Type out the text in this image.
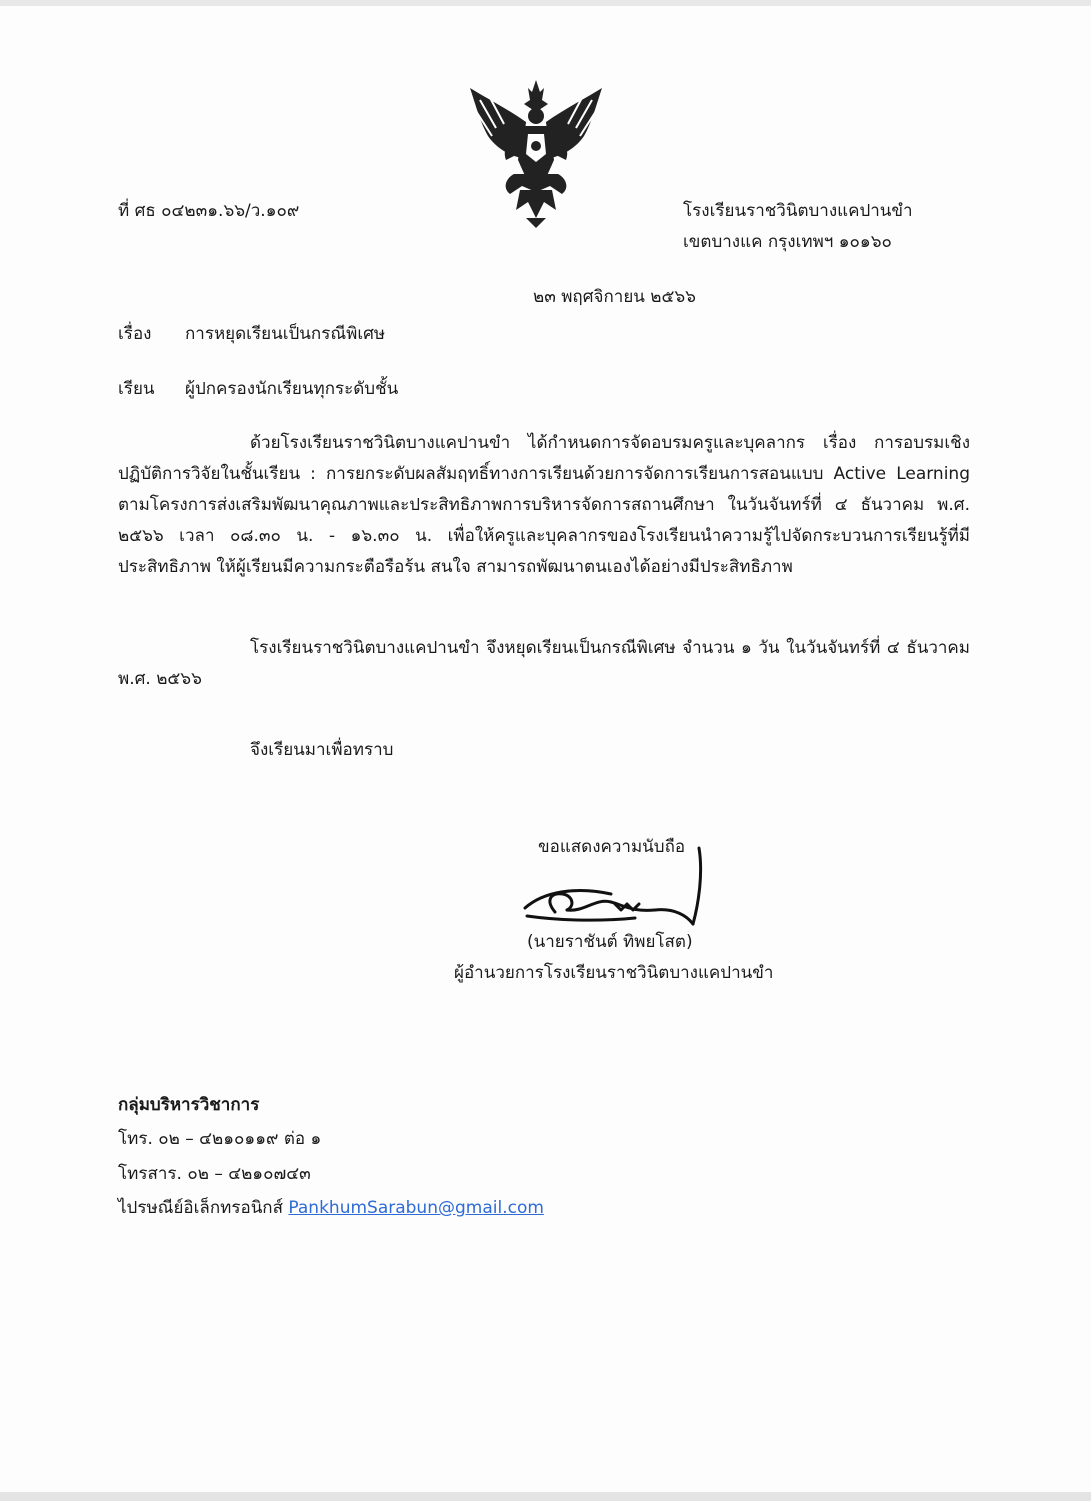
ที่ ศธ ๐๔๒๓๑.๖๖/ว.๑๐๙	โรงเรียนราชวินิตบางแคปานขำ
เขตบางแค กรุงเทพฯ ๑๐๑๖๐
๒๓ พฤศจิกายน ๒๕๖๖
เรื่อง การหยุดเรียนเป็นกรณีพิเศษ
เรียน ผู้ปกครองนักเรียนทุกระดับชั้น
ด้วยโรงเรียนราชวินิตบางแคปานขำ ได้กำหนดการจัดอบรมครูและบุคลากร เรื่อง การอบรมเชิงปฏิบัติการวิจัยในชั้นเรียน : การยกระดับผลสัมฤทธิ์ทางการเรียนด้วยการจัดการเรียนการสอนแบบ Active Learning ตามโครงการส่งเสริมพัฒนาคุณภาพและประสิทธิภาพการบริหารจัดการสถานศึกษา ในวันจันทร์ที่ ๔ ธันวาคม พ.ศ. ๒๕๖๖ เวลา ๐๘.๓๐ น. - ๑๖.๓๐ น. เพื่อให้ครูและบุคลากรของโรงเรียนนำความรู้ไปจัดกระบวนการเรียนรู้ที่มีประสิทธิภาพ ให้ผู้เรียนมีความกระตือรือร้น สนใจ สามารถพัฒนาตนเองได้อย่างมีประสิทธิภาพ
โรงเรียนราชวินิตบางแคปานขำ จึงหยุดเรียนเป็นกรณีพิเศษ จำนวน ๑ วัน ในวันจันทร์ที่ ๔ ธันวาคม พ.ศ. ๒๕๖๖
จึงเรียนมาเพื่อทราบ
ขอแสดงความนับถือ
(นายราชันต์ ทิพยโสต)
ผู้อำนวยการโรงเรียนราชวินิตบางแคปานขำ
กลุ่มบริหารวิชาการ
โทร. ๐๒ – ๔๒๑๐๑๑๙ ต่อ ๑
โทรสาร. ๐๒ – ๔๒๑๐๗๔๓
ไปรษณีย์อิเล็กทรอนิกส์ PankhumSarabun@gmail.com
